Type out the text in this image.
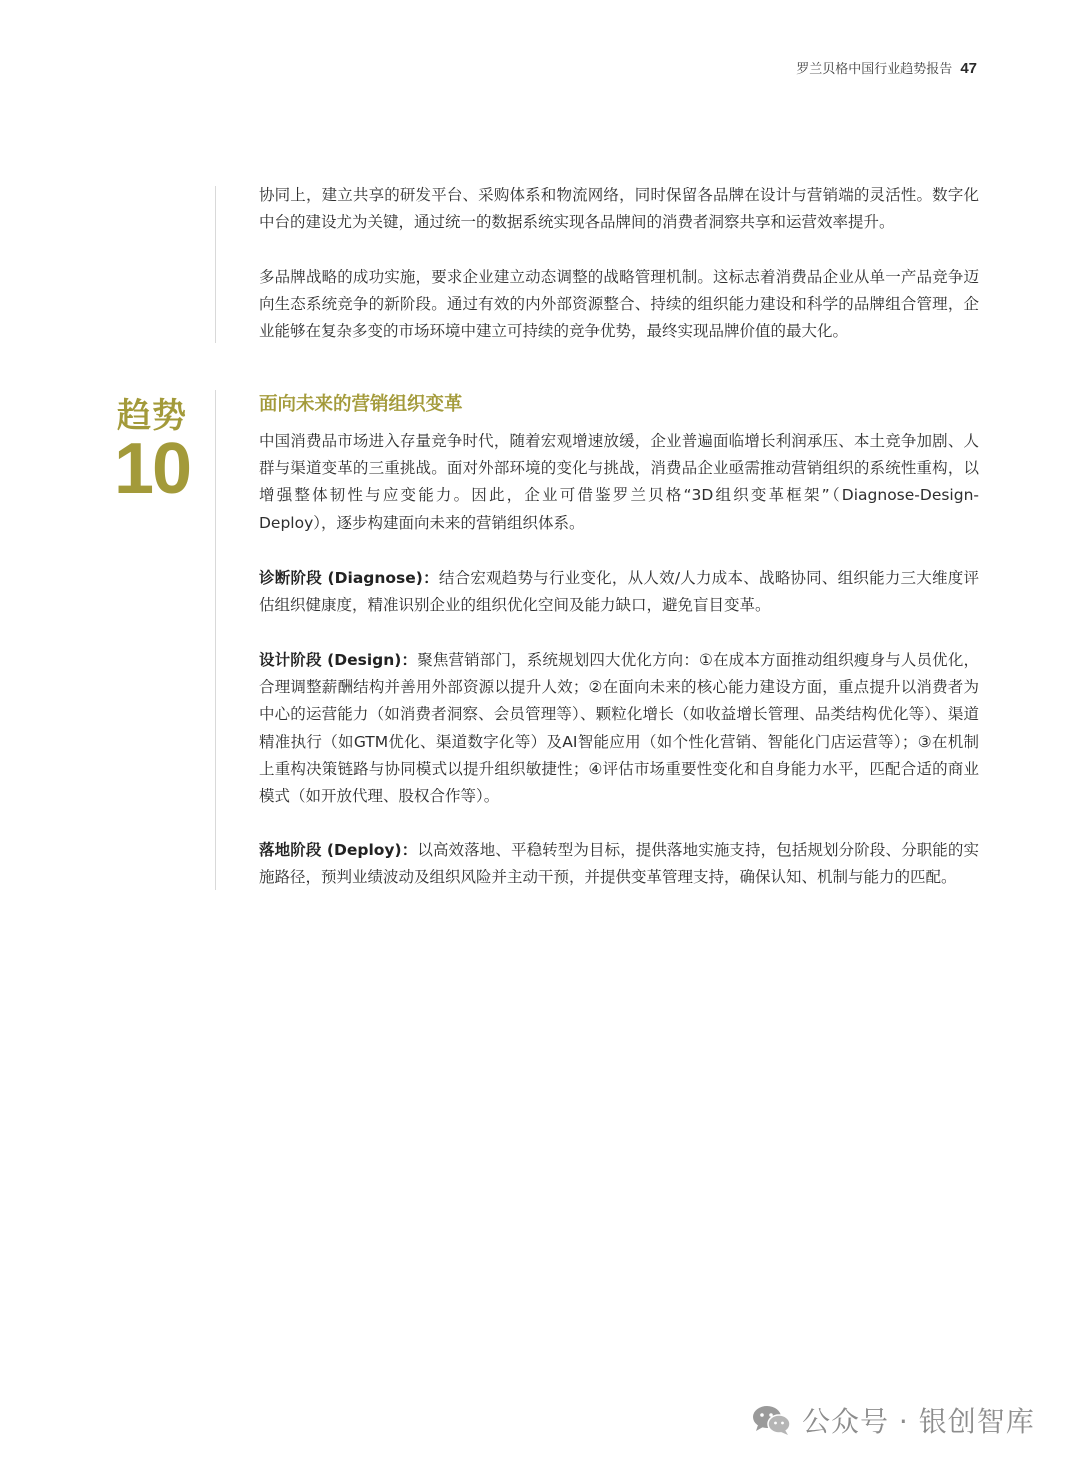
罗兰贝格中国行业趋势报告 47

协同上，建立共享的研发平台、采购体系和物流网络，同时保留各品牌在设计与营销端的灵活性。数字化中台的建设尤为关键，通过统一的数据系统实现各品牌间的消费者洞察共享和运营效率提升。

多品牌战略的成功实施，要求企业建立动态调整的战略管理机制。这标志着消费品企业从单一产品竞争迈向生态系统竞争的新阶段。通过有效的内外部资源整合、持续的组织能力建设和科学的品牌组合管理，企业能够在复杂多变的市场环境中建立可持续的竞争优势，最终实现品牌价值的最大化。

趋势
10
面向未来的营销组织变革

中国消费品市场进入存量竞争时代，随着宏观增速放缓，企业普遍面临增长利润承压、本土竞争加剧、人群与渠道变革的三重挑战。面对外部环境的变化与挑战，消费品企业亟需推动营销组织的系统性重构，以增强整体韧性与应变能力。因此，企业可借鉴罗兰贝格“3D组织变革框架”（Diagnose-Design-Deploy），逐步构建面向未来的营销组织体系。

诊断阶段 (Diagnose)：结合宏观趋势与行业变化，从人效/人力成本、战略协同、组织能力三大维度评估组织健康度，精准识别企业的组织优化空间及能力缺口，避免盲目变革。

设计阶段 (Design)：聚焦营销部门，系统规划四大优化方向：①在成本方面推动组织瘦身与人员优化，合理调整薪酬结构并善用外部资源以提升人效；②在面向未来的核心能力建设方面，重点提升以消费者为中心的运营能力（如消费者洞察、会员管理等）、颗粒化增长（如收益增长管理、品类结构优化等）、渠道精准执行（如GTM优化、渠道数字化等）及AI智能应用（如个性化营销、智能化门店运营等）；③在机制上重构决策链路与协同模式以提升组织敏捷性；④评估市场重要性变化和自身能力水平，匹配合适的商业模式（如开放代理、股权合作等）。

落地阶段 (Deploy)：以高效落地、平稳转型为目标，提供落地实施支持，包括规划分阶段、分职能的实施路径，预判业绩波动及组织风险并主动干预，并提供变革管理支持，确保认知、机制与能力的匹配。

公众号 · 银创智库
